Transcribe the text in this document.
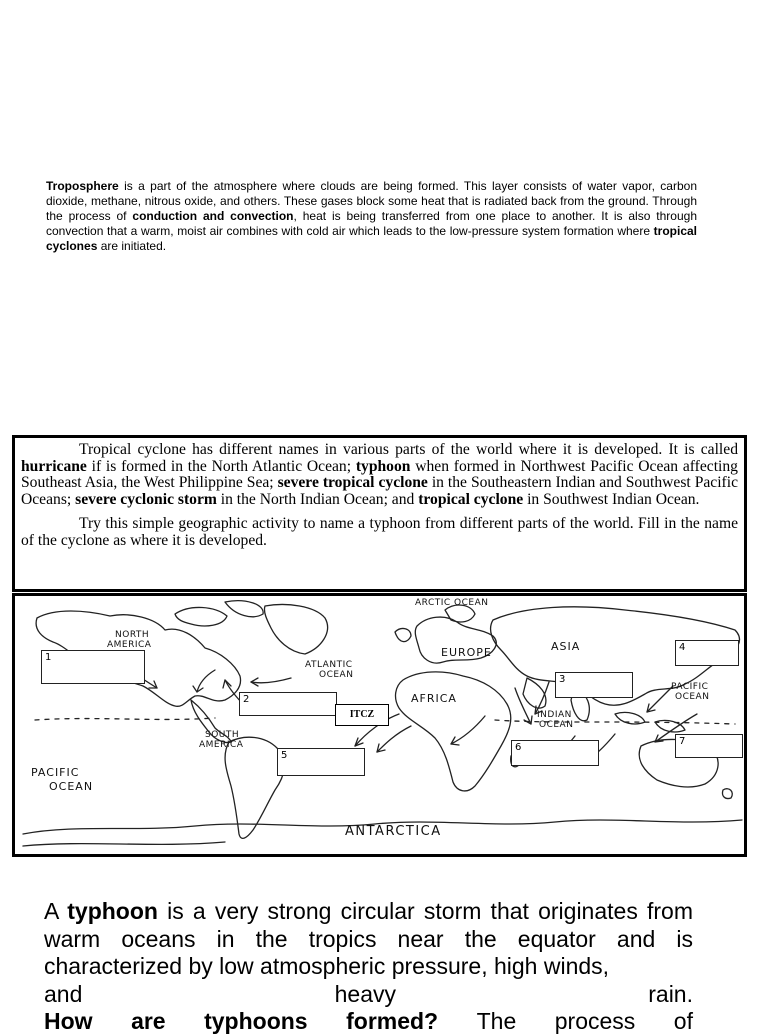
Troposphere is a part of the atmosphere where clouds are being formed. This layer consists of water vapor, carbon dioxide, methane, nitrous oxide, and others. These gases block some heat that is radiated back from the ground. Through the process of conduction and convection, heat is being transferred from one place to another. It is also through convection that a warm, moist air combines with cold air which leads to the low-pressure system formation where tropical cyclones are initiated.

Tropical cyclone has different names in various parts of the world where it is developed. It is called hurricane if is formed in the North Atlantic Ocean; typhoon when formed in Northwest Pacific Ocean affecting Southeast Asia, the West Philippine Sea; severe tropical cyclone in the Southeastern Indian and Southwest Pacific Oceans; severe cyclonic storm in the North Indian Ocean; and tropical cyclone in Southwest Indian Ocean.

Try this simple geographic activity to name a typhoon from different parts of the world. Fill in the name of the cyclone as where it is developed.

ARCTIC OCEAN
NORTH
AMERICA
EUROPE	ASIA
ATLANTIC
OCEAN
AFRICA
PACIFIC
OCEAN
INDIAN
OCEAN
SOUTH
AMERICA
PACIFIC
OCEAN
ANTARCTICA
1
2
3
4
5
6
7
ITCZ
A typhoon is a very strong circular storm that originates from warm oceans in the tropics near the equator and is characterized by low atmospheric pressure, high winds,
and	heavy	rain.
How are typhoons formed? The process of
